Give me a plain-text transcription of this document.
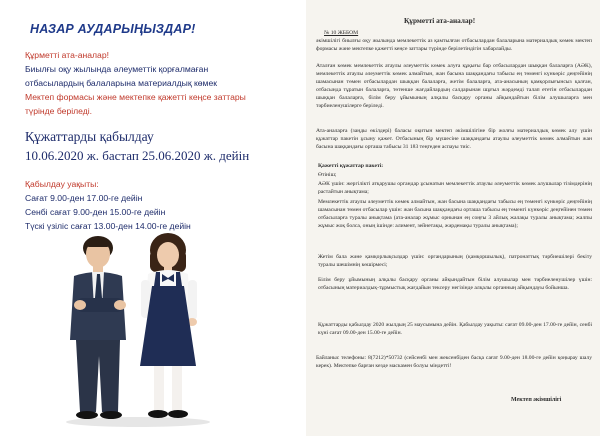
НАЗАР АУДАРЫҢЫЗДАР!
Құрметті ата-аналар!
Биылғы оқу жылында әлеуметтік қорғалмаған
отбасылардың балаларына материалдық көмек
Мектеп формасы және мектепке қажетті кеңсе заттары
түрінде беріледі.
Құжаттарды қабылдау
10.06.2020 ж. бастап 25.06.2020 ж. дейін
Қабылдау уақыты:
Сағат 9.00-ден 17.00-ге дейін
Сенбі сағат 9.00-ден 15.00-ге дейін
Түскі үзіліс сағат 13.00-ден 14.00-ге дейін
Құрметті ата-аналар!
№ 10 ЖББОМ
әкімшілігі биылғы оқу жылында мемлекеттік аз қамтылған отбасылардан балаларына материалдық көмек мектеп формасы және мектепке қажетті кеңсе заттары түрінде берілетіндігін хабарлайды.
Аталған көмек мемлекеттік атаулы әлеуметтік көмек алуға құқығы бар отбасылардан шыққан балаларға (АӘК), мемлекеттік атаулы әлеуметтік көмек алмайтын, жан басына шаққандағы табысы ең төменгі күнкөріс деңгейінің шамасынан төмен отбасылардан шыққан балаларға, жетім балаларға, ата-анасының қамқорлығынсыз қалған, отбасында тұратын балаларға, төтенше жағдайлардың салдарынан шұғыл жәрдемді талап ететін отбасылардан шыққан балаларға, білім беру ұйымының алқалы басқару органы айқындайтын білім алушыларға мен тәрбиеленушілерге беріледі.
Ата-аналарға (заңды өкілдері) баласы оқитын мектеп әкімшілігіне бір жолғы материалдық көмек алу үшін құжаттар пакетін ұсыну қажет. Отбасының бір мүшесіне шаққандағы атаулы әлеуметтік көмек алмайтын жан басына шаққандағы орташа табысы 31 183 теңгеден аспауы тиіс.
Қажетті құжаттар пакеті:
Өтініш;
АӘК үшін: жергілікті атқарушы органдар ұсынатын мемлекеттік атаулы әлеуметтік көмек алушылар тізімдерінің растайтын анықтама;
Мемлекеттік атаулы әлеуметтік көмек алмайтын, жан басына шаққандағы табысы ең төменгі күнкөріс деңгейінің шамасынан төмен отбасылар үшін: жан басына шаққандағы орташа табысы ең төменгі күнкөріс деңгейінен төмен отбасыларға туралы анықтама (ата-аналар жұмыс орнынан ең соңғы 3 айлық жалақы туралы анықтама; жалпы жұмыс жоқ болса, оның ішінде: алимент, зейнетақы, жәрдемақы туралы анықтама);
Жетім бала және қамқорлықсыздар үшін: органдарының (қамқоршылық), патронаттық тәрбиешілері бекіту туралы шешімнің көшірмесі;
Білім беру ұйымының алқалы басқару органы айқындайтын білім алушылар мен тәрбиеленушілер үшін: отбасының материалдық-тұрмыстық жағдайын тексеру негізінде алқалы органның айқындауы бойынша.
Құжаттарды қабылдау 2020 жылдың 25 маусымына дейін. Қабылдау уақыты: сағат 09.00-ден 17.00-ге дейін, сенбі күні сағат 09.00-ден 15.00-ге дейін.
Байланыс телефоны: 8(7212)*50732 (сейсенбі мен жексенбіден басқа сағат 9.00-ден 18.00-ге дейін қоңырау шалу керек). Мектепке барған кезде маскамен болуы міндетті!
Мектеп әкімшілігі
